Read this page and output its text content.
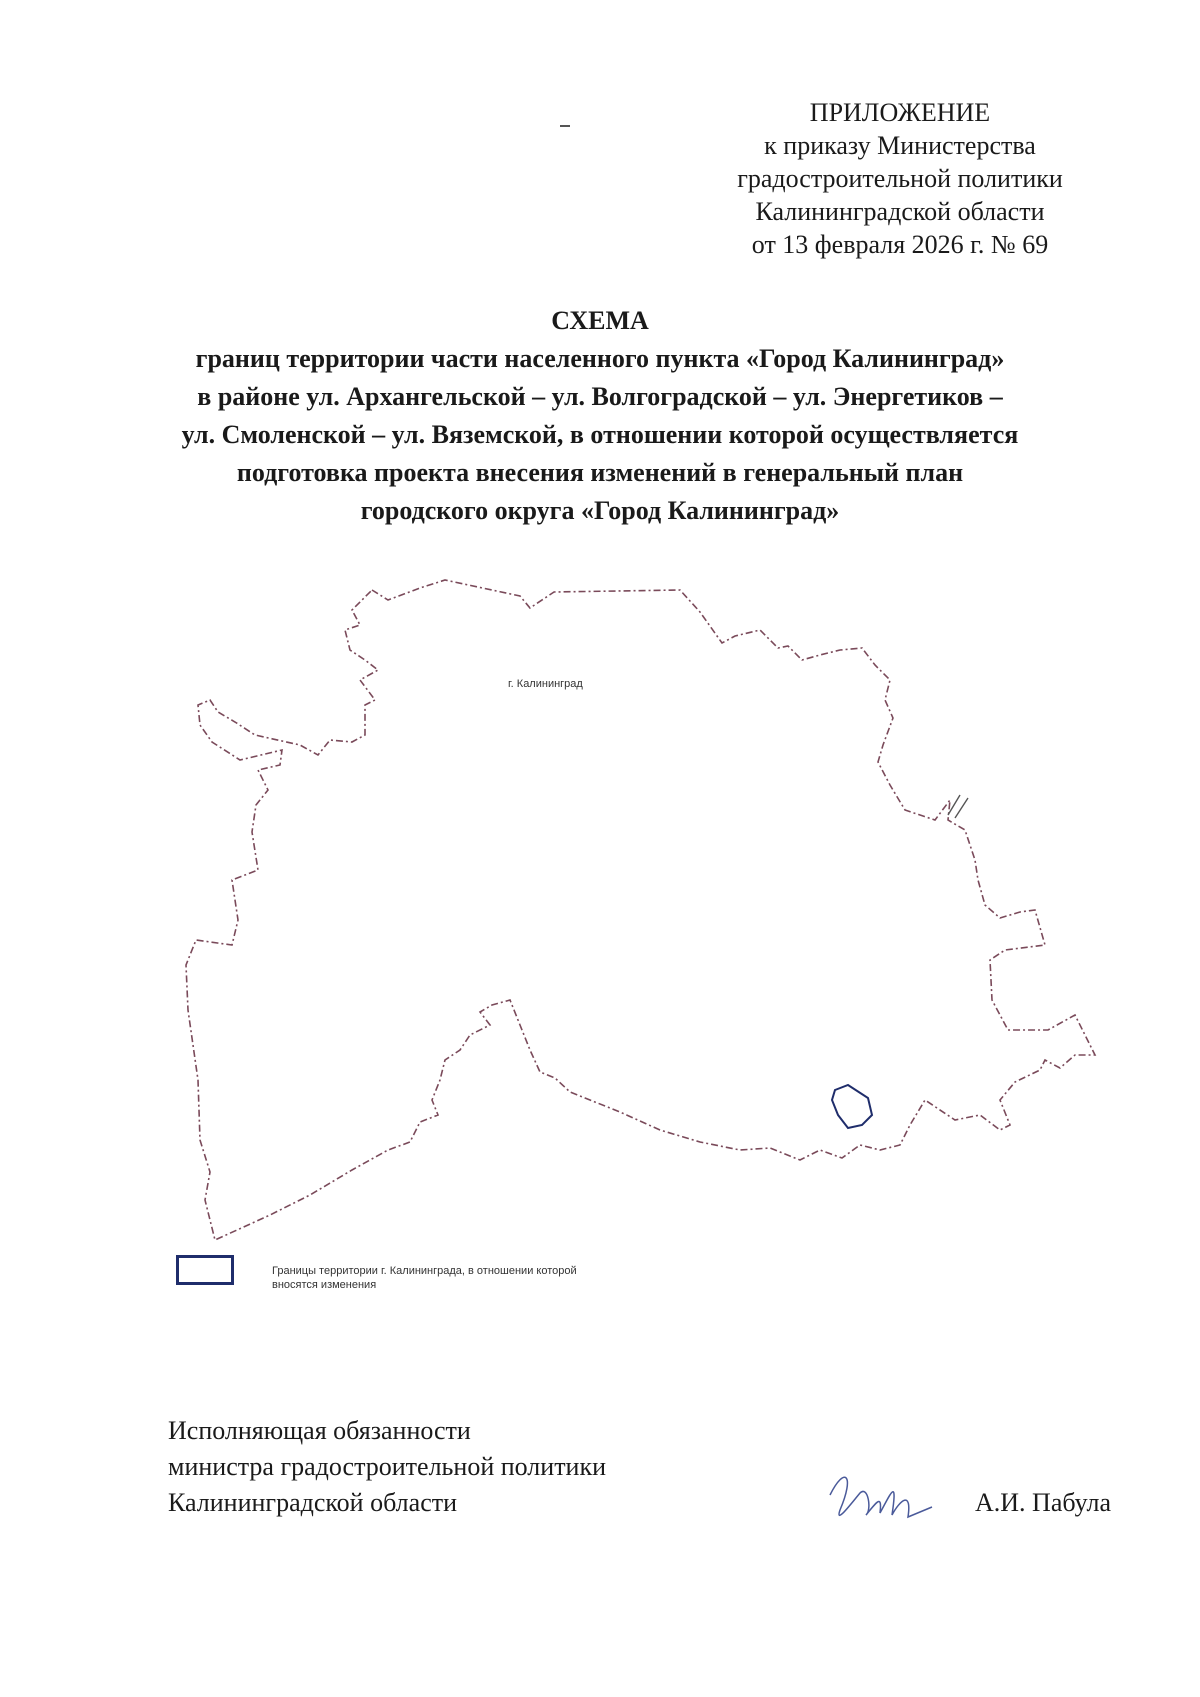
ПРИЛОЖЕНИЕ
к приказу Министерства
градостроительной политики
Калининградской области
от 13 февраля 2026 г. № 69
СХЕМА
границ территории части населенного пункта «Город Калининград»
в районе ул. Архангельской – ул. Волгоградской – ул. Энергетиков –
ул. Смоленской – ул. Вяземской, в отношении которой осуществляется
подготовка проекта внесения изменений в генеральный план
городского округа «Город Калининград»
г. Калининград
Границы территории г. Калининграда, в отношении которой вносятся изменения
Исполняющая обязанности
министра градостроительной политики
Калининградской области	А.И. Пабула
